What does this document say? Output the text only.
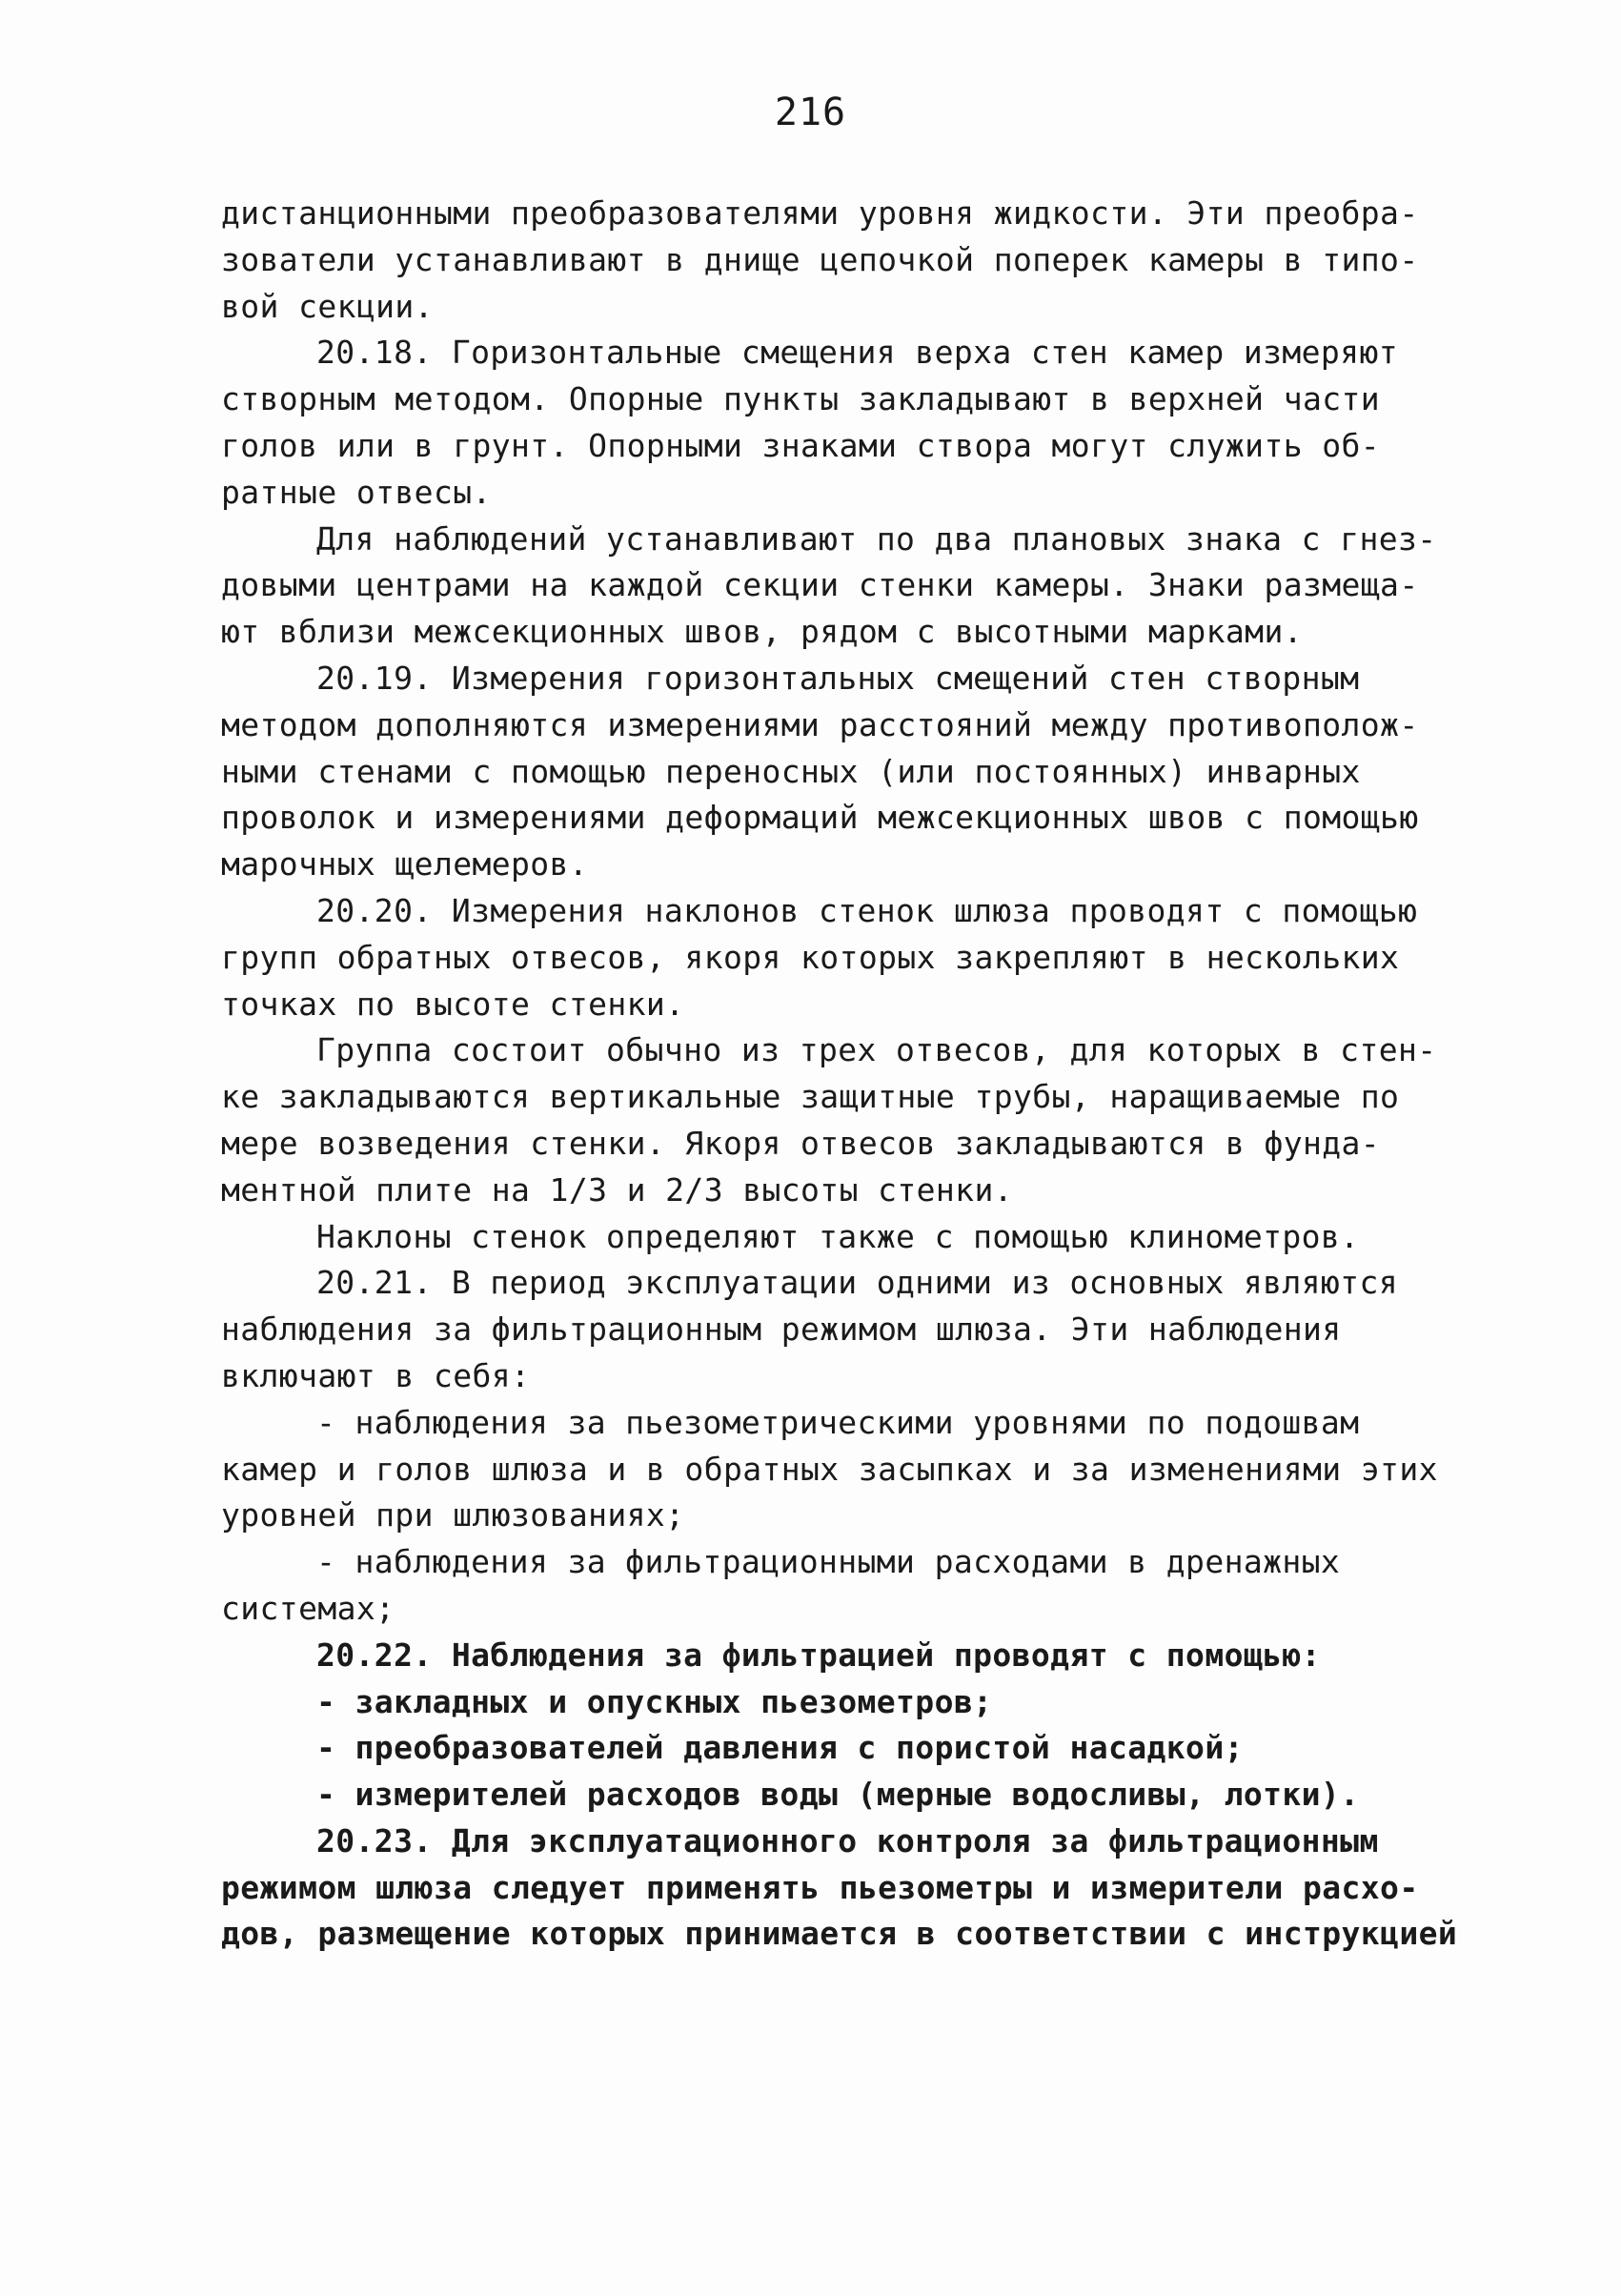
216
дистанционными преобразователями уровня жидкости. Эти преобра-
зователи устанавливают в днище цепочкой поперек камеры в типо-
вой секции.
20.18. Горизонтальные смещения верха стен камер измеряют
створным методом. Опорные пункты закладывают в верхней части
голов или в грунт. Опорными знаками створа могут служить об-
ратные отвесы.
Для наблюдений устанавливают по два плановых знака с гнез-
довыми центрами на каждой секции стенки камеры. Знаки размеща-
ют вблизи межсекционных швов, рядом с высотными марками.
20.19. Измерения горизонтальных смещений стен створным
методом дополняются измерениями расстояний между противополож-
ными стенами с помощью переносных (или постоянных) инварных
проволок и измерениями деформаций межсекционных швов с помощью
марочных щелемеров.
20.20. Измерения наклонов стенок шлюза проводят с помощью
групп обратных отвесов, якоря которых закрепляют в нескольких
точках по высоте стенки.
Группа состоит обычно из трех отвесов, для которых в стен-
ке закладываются вертикальные защитные трубы, наращиваемые по
мере возведения стенки. Якоря отвесов закладываются в фунда-
ментной плите на 1/3 и 2/3 высоты стенки.
Наклоны стенок определяют также с помощью клинометров.
20.21. В период эксплуатации одними из основных являются
наблюдения за фильтрационным режимом шлюза. Эти наблюдения
включают в себя:
- наблюдения за пьезометрическими уровнями по подошвам
камер и голов шлюза и в обратных засыпках и за изменениями этих
уровней при шлюзованиях;
- наблюдения за фильтрационными расходами в дренажных
системах;
20.22. Наблюдения за фильтрацией проводят с помощью:
- закладных и опускных пьезометров;
- преобразователей давления с пористой насадкой;
- измерителей расходов воды (мерные водосливы, лотки).
20.23. Для эксплуатационного контроля за фильтрационным
режимом шлюза следует применять пьезометры и измерители расхо-
дов, размещение которых принимается в соответствии с инструкцией
